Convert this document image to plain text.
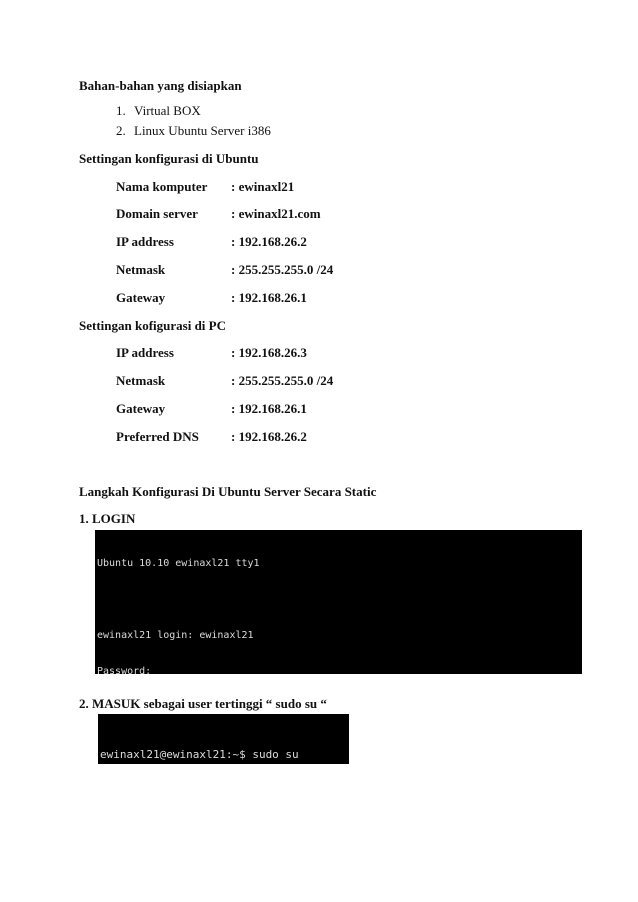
Bahan-bahan yang disiapkan
1. Virtual BOX
2. Linux Ubuntu Server i386
Settingan konfigurasi di Ubuntu
Nama komputer : ewinaxl21
Domain server	: ewinaxl21.com
IP address	: 192.168.26.2
Netmask	: 255.255.255.0 /24
Gateway	: 192.168.26.1
Settingan kofigurasi di PC
IP address	: 192.168.26.3
Netmask	: 255.255.255.0 /24
Gateway	: 192.168.26.1
Preferred DNS : 192.168.26.2
Langkah Konfigurasi Di Ubuntu Server Secara Static
1. LOGIN

Ubuntu 10.10 ewinaxl21 tty1

ewinaxl21 login: ewinaxl21

Password:

2. MASUK sebagai user tertinggi “ sudo su “

ewinaxl21@ewinaxl21:~$ sudo su
